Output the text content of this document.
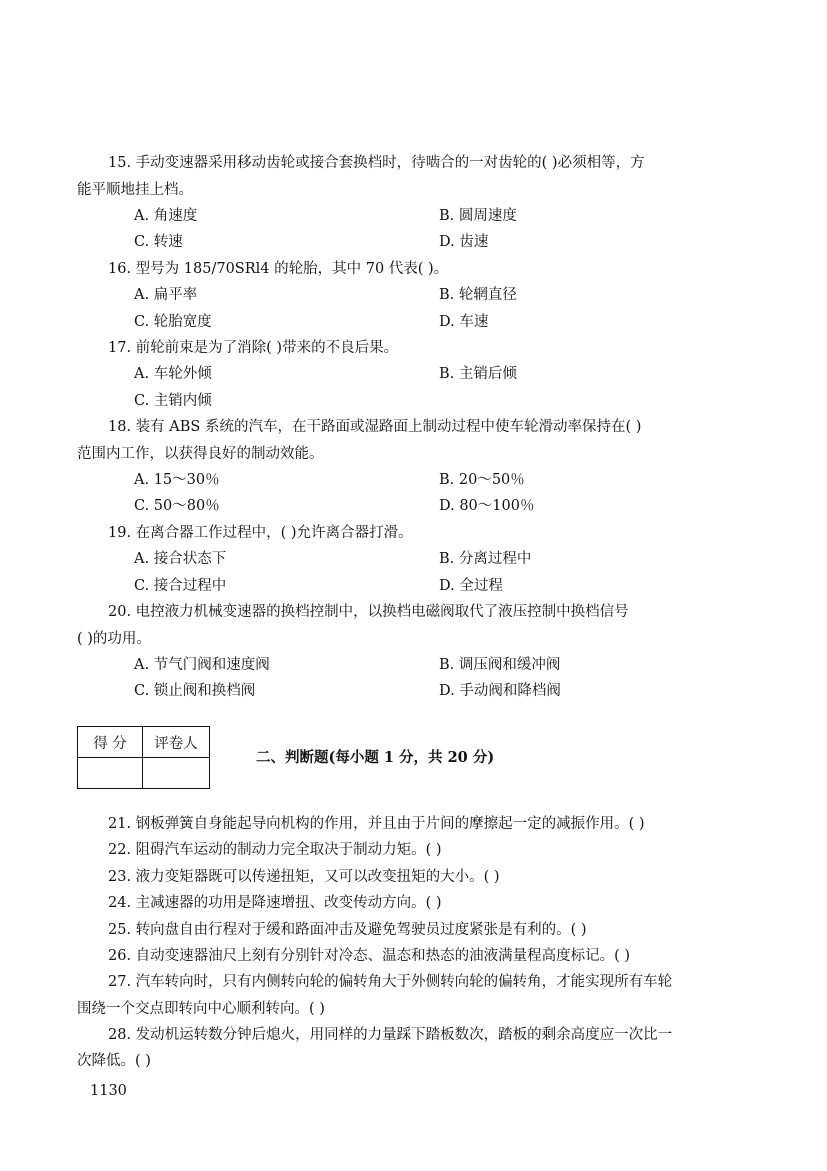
15. 手动变速器采用移动齿轮或接合套换档时，待啮合的一对齿轮的( )必须相等，方
能平顺地挂上档。
A. 角速度	B. 圆周速度
C. 转速	D. 齿速
16. 型号为 185/70SRl4 的轮胎，其中 70 代表( )。
A. 扁平率	B. 轮辋直径
C. 轮胎宽度	D. 车速
17. 前轮前束是为了消除( )带来的不良后果。
A. 车轮外倾	B. 主销后倾
C. 主销内倾
18. 装有 ABS 系统的汽车，在干路面或湿路面上制动过程中使车轮滑动率保持在( )
范围内工作，以获得良好的制动效能。
A. 15～30％	B. 20～50％
C. 50～80％	D. 80～100％
19. 在离合器工作过程中，( )允许离合器打滑。
A. 接合状态下	B. 分离过程中
C. 接合过程中	D. 全过程
20. 电控液力机械变速器的换档控制中，以换档电磁阀取代了液压控制中换档信号
( )的功用。
A. 节气门阀和速度阀	B. 调压阀和缓冲阀
C. 锁止阀和换档阀	D. 手动阀和降档阀
得 分	评卷人

二、判断题(每小题 1 分，共 20 分)
21. 钢板弹簧自身能起导向机构的作用，并且由于片间的摩擦起一定的减振作用。( )
22. 阻碍汽车运动的制动力完全取决于制动力矩。( )
23. 液力变矩器既可以传递扭矩，又可以改变扭矩的大小。( )
24. 主减速器的功用是降速增扭、改变传动方向。( )
25. 转向盘自由行程对于缓和路面冲击及避免驾驶员过度紧张是有利的。( )
26. 自动变速器油尺上刻有分别针对冷态、温态和热态的油液满量程高度标记。( )
27. 汽车转向时，只有内侧转向轮的偏转角大于外侧转向轮的偏转角，才能实现所有车轮
围绕一个交点即转向中心顺利转向。( )
28. 发动机运转数分钟后熄火，用同样的力量踩下踏板数次，踏板的剩余高度应一次比一
次降低。( )
1130
